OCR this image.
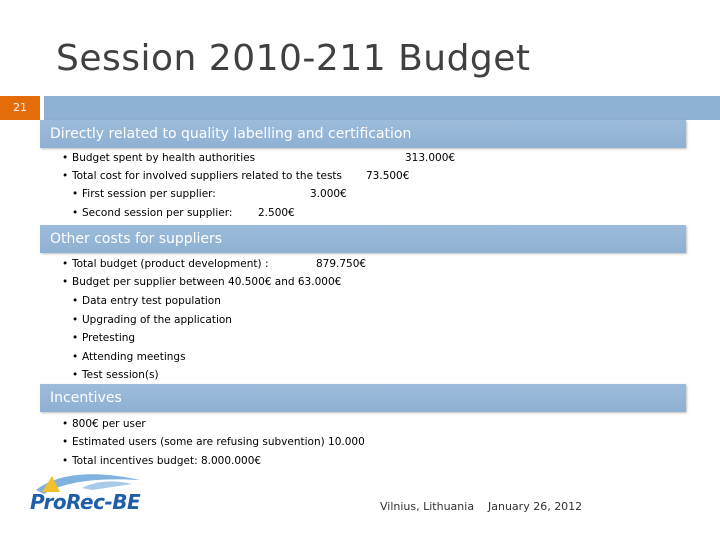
Session 2010-211 Budget
21
Directly related to quality labelling and certification
• Budget spent by health authorities	313.000€
• Total cost for involved suppliers related to the tests 73.500€
• First session per supplier:	3.000€
• Second session per supplier: 2.500€
Other costs for suppliers
• Total budget (product development) :	879.750€
• Budget per supplier between 40.500€ and 63.000€
• Data entry test population
• Upgrading of the application
• Pretesting
• Attending meetings
• Test session(s)
Incentives
• 800€ per user
• Estimated users (some are refusing subvention) 10.000
• Total incentives budget: 8.000.000€
ProRec-BE	Vilnius, Lithuania January 26, 2012
